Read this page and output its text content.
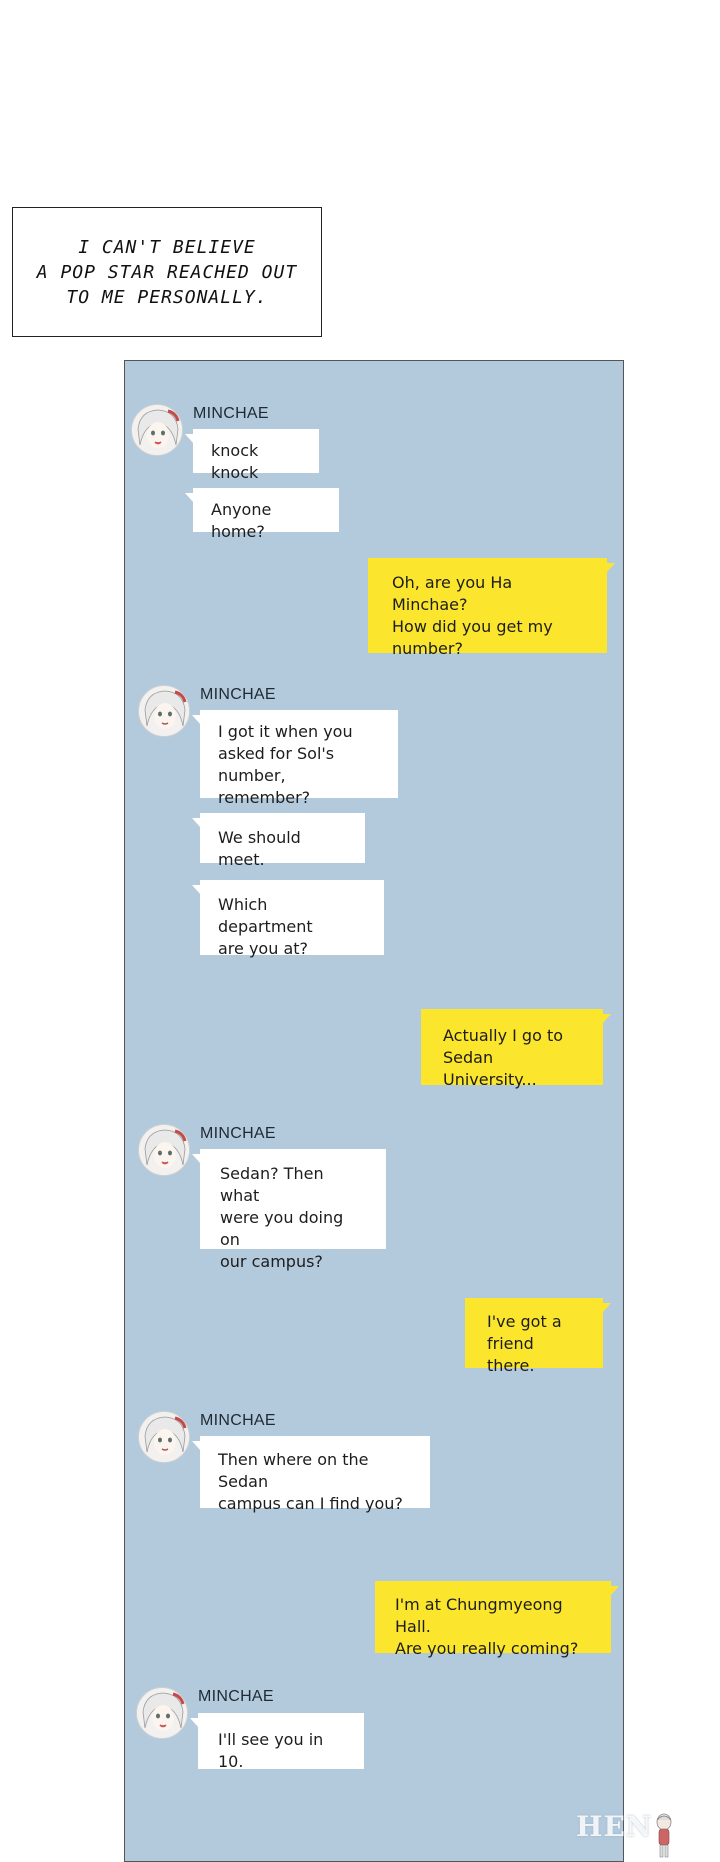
I CAN'T BELIEVE
A POP STAR REACHED OUT
TO ME PERSONALLY.
MINCHAE
knock knock
Anyone home?
Oh, are you Ha Minchae?
How did you get my
number?
MINCHAE
I got it when you
asked for Sol's
number, remember?
We should meet.
Which department
are you at?
Actually I go to
Sedan University...
MINCHAE
Sedan? Then what
were you doing on
our campus?
I've got a
friend there.
MINCHAE
Then where on the Sedan
campus can I find you?
I'm at Chungmyeong Hall.
Are you really coming?
MINCHAE
I'll see you in 10.
HEN
